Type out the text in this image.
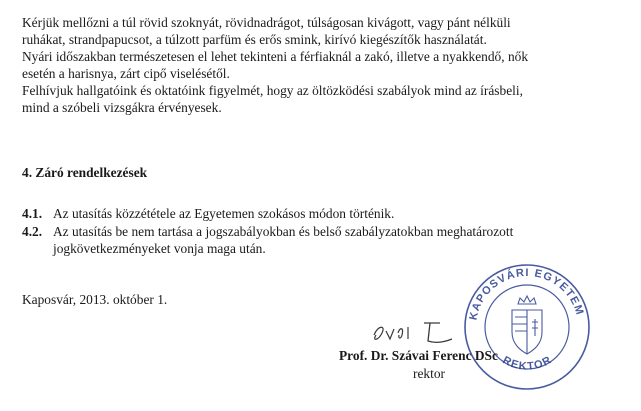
Kérjük mellőzni a túl rövid szoknyát, rövidnadrágot, túlságosan kivágott, vagy pánt nélküli
ruhákat, strandpapucsot, a túlzott parfüm és erős smink, kirívó kiegészítők használatát.
Nyári időszakban természetesen el lehet tekinteni a férfiaknál a zakó, illetve a nyakkendő, nők
esetén a harisnya, zárt cipő viselésétől.
Felhívjuk hallgatóink és oktatóink figyelmét, hogy az öltözködési szabályok mind az írásbeli,
mind a szóbeli vizsgákra érvényesek.
4. Záró rendelkezések
4.1. Az utasítás közzététele az Egyetemen szokásos módon történik.
4.2. Az utasítás be nem tartása a jogszabályokban és belső szabályzatokban meghatározott
jogkövetkezményeket vonja maga után.
Kaposvár, 2013. október 1.
KAPOSVÁRI EGYETEM
REKTOR
Prof. Dr. Szávai Ferenc DSc
rektor
